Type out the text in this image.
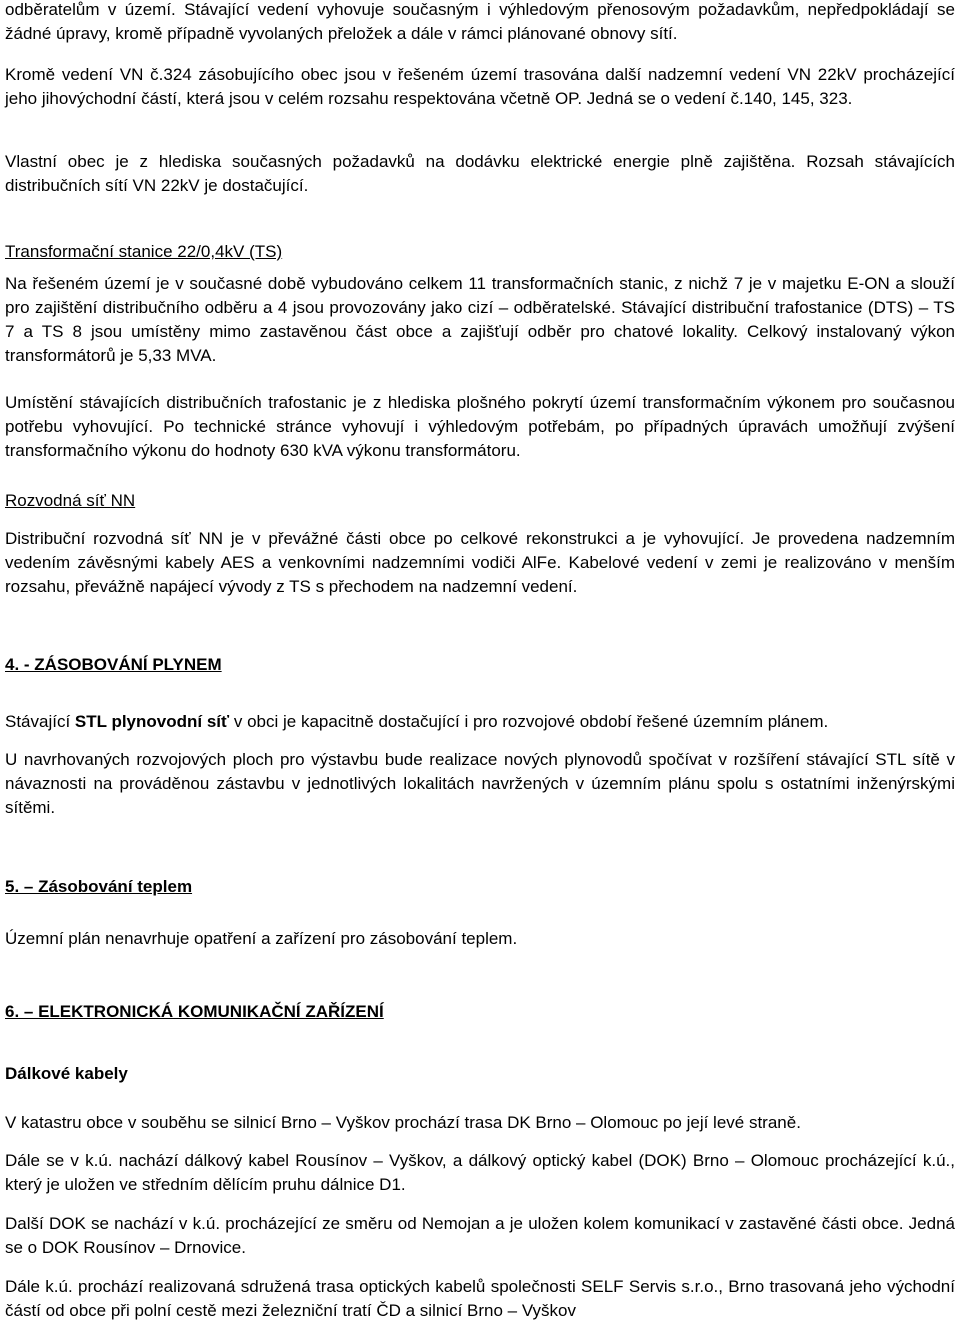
odběratelům v území. Stávající vedení vyhovuje současným i výhledovým přenosovým požadavkům, nepředpokládají se žádné úpravy, kromě případně vyvolaných přeložek a dále v rámci plánované obnovy sítí.

Kromě vedení VN č.324 zásobujícího obec jsou v řešeném území trasována další nadzemní vedení VN 22kV procházející jeho jihovýchodní částí, která jsou v celém rozsahu respektována včetně OP. Jedná se o vedení č.140, 145, 323.

Vlastní obec je z hlediska současných požadavků na dodávku elektrické energie plně zajištěna. Rozsah stávajících distribučních sítí VN 22kV je dostačující.

Transformační stanice 22/0,4kV (TS)

Na řešeném území je v současné době vybudováno celkem 11 transformačních stanic, z nichž 7 je v majetku E-ON a slouží pro zajištění distribučního odběru a 4 jsou provozovány jako cizí – odběratelské. Stávající distribuční trafostanice (DTS) – TS 7 a TS 8 jsou umístěny mimo zastavěnou část obce a zajišťují odběr pro chatové lokality. Celkový instalovaný výkon transformátorů je 5,33 MVA.

Umístění stávajících distribučních trafostanic je z hlediska plošného pokrytí území transformačním výkonem pro současnou potřebu vyhovující. Po technické stránce vyhovují i výhledovým potřebám, po případných úpravách umožňují zvýšení transformačního výkonu do hodnoty 630 kVA výkonu transformátoru.

Rozvodná síť NN

Distribuční rozvodná síť NN je v převážné části obce po celkové rekonstrukci a je vyhovující. Je provedena nadzemním vedením závěsnými kabely AES a venkovními nadzemními vodiči AlFe. Kabelové vedení v zemi je realizováno v menším rozsahu, převážně napájecí vývody z TS s přechodem na nadzemní vedení.

4. - ZÁSOBOVÁNÍ PLYNEM

Stávající STL plynovodní síť v obci je kapacitně dostačující i pro rozvojové období řešené územním plánem.

U navrhovaných rozvojových ploch pro výstavbu bude realizace nových plynovodů spočívat v rozšíření stávající STL sítě v návaznosti na prováděnou zástavbu v jednotlivých lokalitách navržených v územním plánu spolu s ostatními inženýrskými sítěmi.

5. – Zásobování teplem

Územní plán nenavrhuje opatření a zařízení pro zásobování teplem.

6. – ELEKTRONICKÁ KOMUNIKAČNÍ ZAŘÍZENÍ

Dálkové kabely

V katastru obce v souběhu se silnicí Brno – Vyškov prochází trasa DK Brno – Olomouc po její levé straně.

Dále se v k.ú. nachází dálkový kabel Rousínov – Vyškov, a dálkový optický kabel (DOK) Brno – Olomouc procházející k.ú., který je uložen ve středním dělícím pruhu dálnice D1.

Další DOK se nachází v k.ú. procházející ze směru od Nemojan a je uložen kolem komunikací v zastavěné části obce. Jedná se o DOK Rousínov – Drnovice.

Dále k.ú. prochází realizovaná sdružená trasa optických kabelů společnosti SELF Servis s.r.o., Brno trasovaná jeho východní částí od obce při polní cestě mezi železniční tratí ČD a silnicí Brno – Vyškov
